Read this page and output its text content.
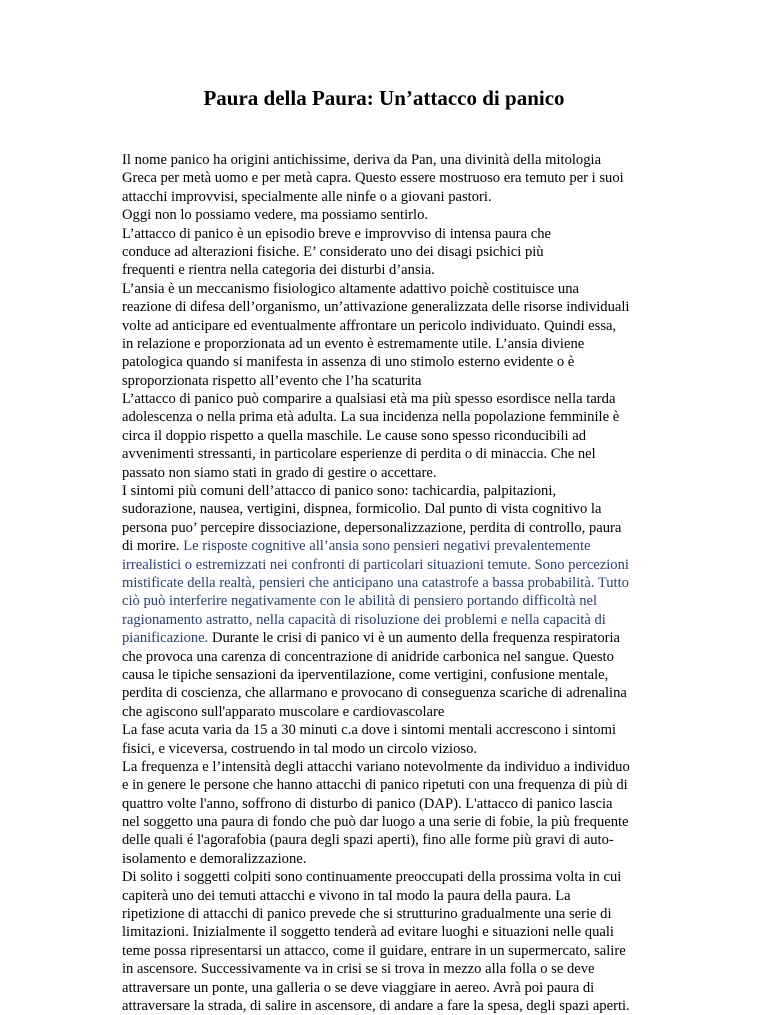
Paura della Paura: Un’attacco di panico
Il nome panico ha origini antichissime, deriva da Pan, una divinità della mitologia
Greca per metà uomo e per metà capra. Questo essere mostruoso era temuto per i suoi
attacchi improvvisi, specialmente alle ninfe o a giovani pastori.
Oggi non lo possiamo vedere, ma possiamo sentirlo.
L’attacco di panico è un episodio breve e improvviso di intensa paura che
conduce ad alterazioni fisiche. E’ considerato uno dei disagi psichici più
frequenti e rientra nella categoria dei disturbi d’ansia.
L’ansia è un meccanismo fisiologico altamente adattivo poichè costituisce una
reazione di difesa dell’organismo, un’attivazione generalizzata delle risorse individuali
volte ad anticipare ed eventualmente affrontare un pericolo individuato. Quindi essa,
in relazione e proporzionata ad un evento è estremamente utile. L’ansia diviene
patologica quando si manifesta in assenza di uno stimolo esterno evidente o è
sproporzionata rispetto all’evento che l’ha scaturita
L’attacco di panico può comparire a qualsiasi età ma più spesso esordisce nella tarda
adolescenza o nella prima età adulta. La sua incidenza nella popolazione femminile è
circa il doppio rispetto a quella maschile. Le cause sono spesso riconducibili ad
avvenimenti stressanti, in particolare esperienze di perdita o di minaccia. Che nel
passato non siamo stati in grado di gestire o accettare.
I sintomi più comuni dell’attacco di panico sono: tachicardia, palpitazioni,
sudorazione, nausea, vertigini, dispnea, formicolio. Dal punto di vista cognitivo la
persona puo’ percepire dissociazione, depersonalizzazione, perdita di controllo, paura
di morire. Le risposte cognitive all’ansia sono pensieri negativi prevalentemente
irrealistici o estremizzati nei confronti di particolari situazioni temute. Sono percezioni
mistificate della realtà, pensieri che anticipano una catastrofe a bassa probabilità. Tutto
ciò può interferire negativamente con le abilità di pensiero portando difficoltà nel
ragionamento astratto, nella capacità di risoluzione dei problemi e nella capacità di
pianificazione. Durante le crisi di panico vi è un aumento della frequenza respiratoria
che provoca una carenza di concentrazione di anidride carbonica nel sangue. Questo
causa le tipiche sensazioni da iperventilazione, come vertigini, confusione mentale,
perdita di coscienza, che allarmano e provocano di conseguenza scariche di adrenalina
che agiscono sull'apparato muscolare e cardiovascolare
La fase acuta varia da 15 a 30 minuti c.a dove i sintomi mentali accrescono i sintomi
fisici, e viceversa, costruendo in tal modo un circolo vizioso.
La frequenza e l’intensità degli attacchi variano notevolmente da individuo a individuo
e in genere le persone che hanno attacchi di panico ripetuti con una frequenza di più di
quattro volte l'anno, soffrono di disturbo di panico (DAP). L'attacco di panico lascia
nel soggetto una paura di fondo che può dar luogo a una serie di fobie, la più frequente
delle quali é l'agorafobia (paura degli spazi aperti), fino alle forme più gravi di auto-
isolamento e demoralizzazione.
Di solito i soggetti colpiti sono continuamente preoccupati della prossima volta in cui
capiterà uno dei temuti attacchi e vivono in tal modo la paura della paura. La
ripetizione di attacchi di panico prevede che si strutturino gradualmente una serie di
limitazioni. Inizialmente il soggetto tenderà ad evitare luoghi e situazioni nelle quali
teme possa ripresentarsi un attacco, come il guidare, entrare in un supermercato, salire
in ascensore. Successivamente va in crisi se si trova in mezzo alla folla o se deve
attraversare un ponte, una galleria o se deve viaggiare in aereo. Avrà poi paura di
attraversare la strada, di salire in ascensore, di andare a fare la spesa, degli spazi aperti.
